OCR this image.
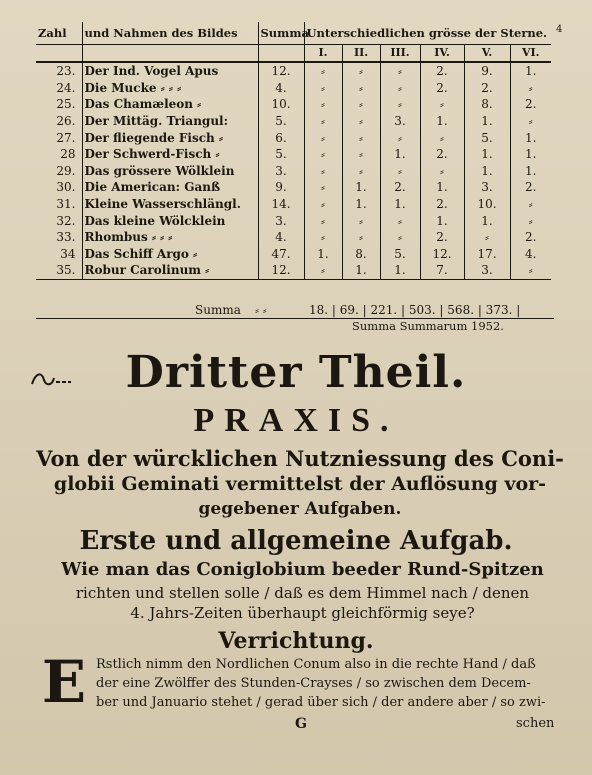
Zahl	und Nahmen des Bildes	Summa	Unterschiedlichen grösse der Sterne.					
			I.	II.	III.	IV.	V.	VI.
23.	Der Ind. Vogel Apus	12.	⸗	⸗	⸗	2.	9.	1.
24.	Die Mucke ⸗ ⸗ ⸗	4.	⸗	⸗	⸗	2.	2.	⸗
25.	Das Chamæleon ⸗	10.	⸗	⸗	⸗	⸗	8.	2.
26.	Der Mittäg. Triangul:	5.	⸗	⸗	3.	1.	1.	⸗
27.	Der fliegende Fisch ⸗	6.	⸗	⸗	⸗	⸗	5.	1.
28	Der Schwerd-Fisch ⸗	5.	⸗	⸗	1.	2.	1.	1.
29.	Das grössere Wölklein	3.	⸗	⸗	⸗	⸗	1.	1.
30.	Die American: Ganß	9.	⸗	1.	2.	1.	3.	2.
31.	Kleine Wasserschlängl.	14.	⸗	1.	1.	2.	10.	⸗
32.	Das kleine Wölcklein	3.	⸗	⸗	⸗	1.	1.	⸗
33.	Rhombus ⸗ ⸗ ⸗	4.	⸗	⸗	⸗	2.	⸗	2.
34	Das Schiff Argo ⸗	47.	1.	8.	5.	12.	17.	4.
35.	Robur Carolinum ⸗	12.	⸗	1.	1.	7.	3.	⸗
4
Summa ⸗ ⸗	18. | 69. | 221. | 503. | 568. | 373. |
Summa Summarum 1952.
Dritter Theil.
PRAXIS.
Von der würcklichen Nutzniessung des Coni-
globii Geminati vermittelst der Auflösung vor-
gegebener Aufgaben.
Erste und allgemeine Aufgab.
Wie man das Coniglobium beeder Rund-Spitzen
richten und stellen solle / daß es dem Himmel nach / denen
4. Jahrs-Zeiten überhaupt gleichförmig seye?
Verrichtung.
E Rstlich nimm den Nordlichen Conum also in die rechte Hand / daß
der eine Zwölffer des Stunden-Crayses / so zwischen dem Decem-
ber und Januario stehet / gerad über sich / der andere aber / so zwi-
G	schen
